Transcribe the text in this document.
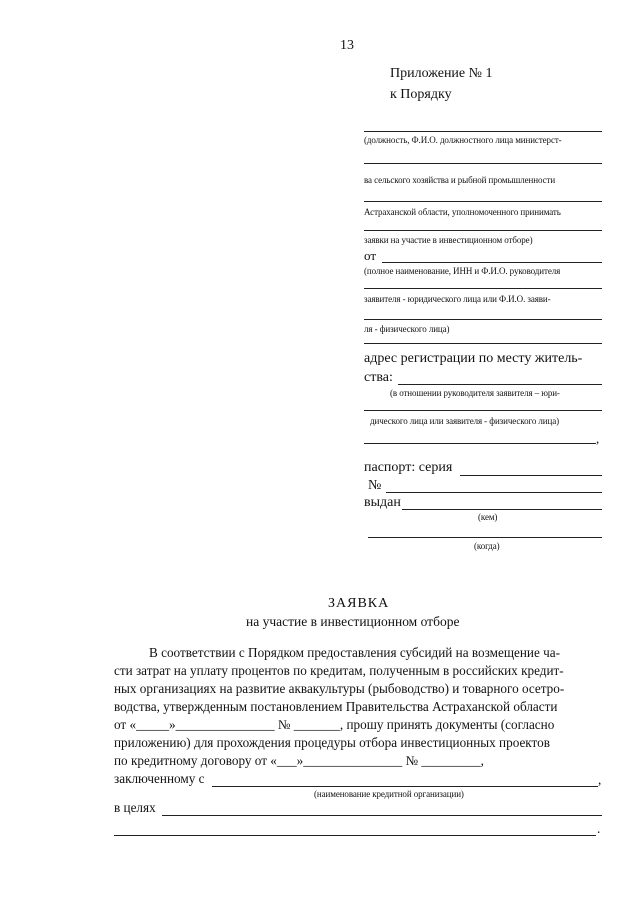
13
Приложение № 1
к Порядку
(должность, Ф.И.О. должностного лица министерст-
ва сельского хозяйства и рыбной промышленности
Астраханской области, уполномоченного принимать
заявки на участие в инвестиционном отборе)
от
(полное наименование, ИНН и Ф.И.О. руководителя
заявителя - юридического лица или Ф.И.О. заяви-
ля - физического лица)
адрес регистрации по месту житель-
ства:
(в отношении руководителя заявителя – юри-
дического лица или заявителя - физического лица)
,
паспорт: серия
№
выдан
(кем)
(когда)
ЗАЯВКА
на участие в инвестиционном отборе
В соответствии с Порядком предоставления субсидий на возмещение ча-
сти затрат на уплату процентов по кредитам, полученным в российских кредит-
ных организациях на развитие аквакультуры (рыбоводство) и товарного осетро-
водства, утвержденным постановлением Правительства Астраханской области
от «_____»_______________ № _______, прошу принять документы (согласно
приложению) для прохождения процедуры отбора инвестиционных проектов
по кредитному договору от «___»_______________ № _________,
заключенному с	,
(наименование кредитной организации)
в целях
.
